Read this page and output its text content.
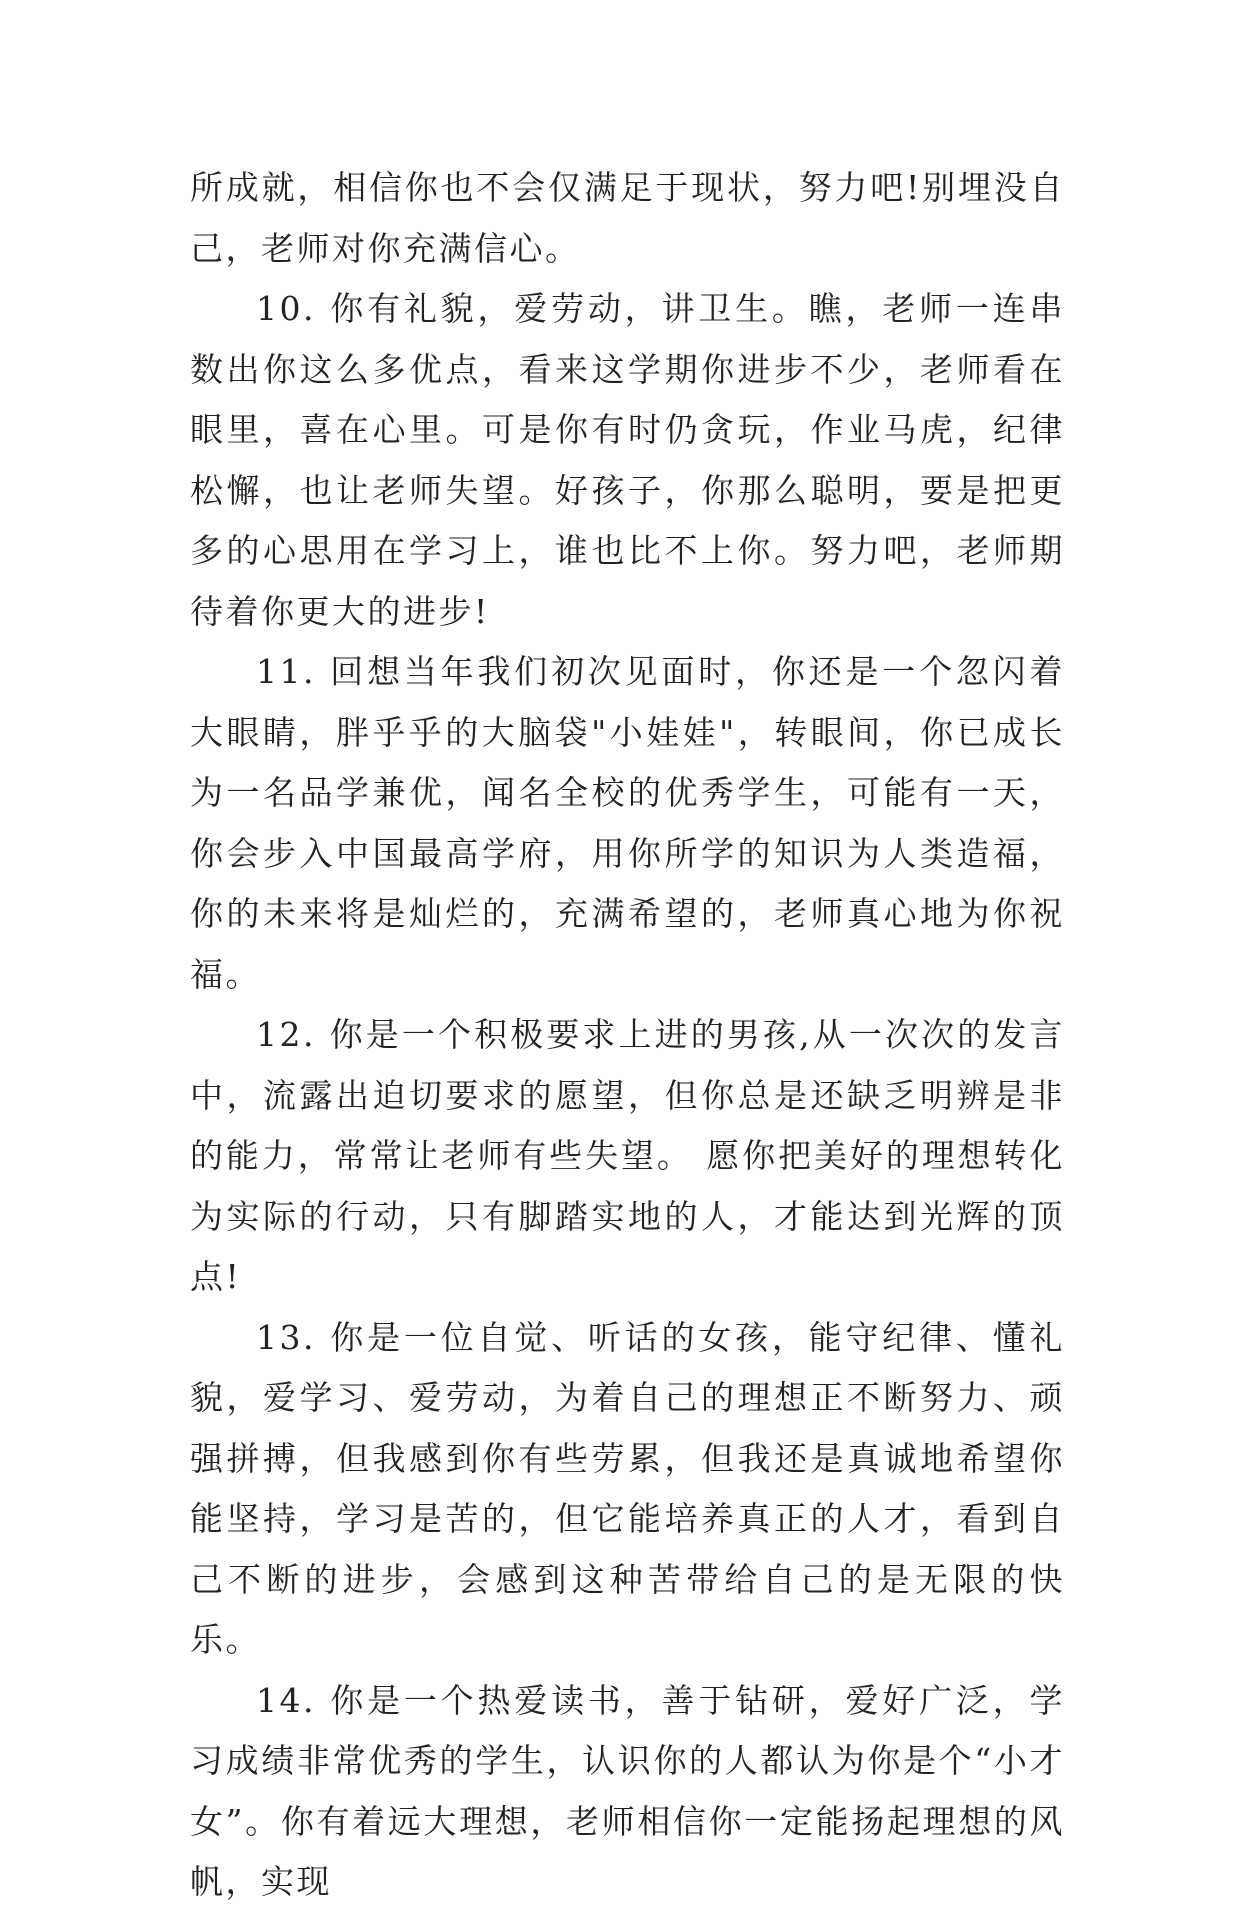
所成就，相信你也不会仅满足于现状，努力吧!别埋没自己，老师对你充满信心。

10. 你有礼貌，爱劳动，讲卫生。瞧，老师一连串数出你这么多优点，看来这学期你进步不少，老师看在眼里，喜在心里。可是你有时仍贪玩，作业马虎，纪律松懈，也让老师失望。好孩子，你那么聪明，要是把更多的心思用在学习上，谁也比不上你。努力吧，老师期待着你更大的进步!

11. 回想当年我们初次见面时，你还是一个忽闪着大眼睛，胖乎乎的大脑袋"小娃娃"，转眼间，你已成长为一名品学兼优，闻名全校的优秀学生，可能有一天，你会步入中国最高学府，用你所学的知识为人类造福，你的未来将是灿烂的，充满希望的，老师真心地为你祝福。

12. 你是一个积极要求上进的男孩,从一次次的发言中，流露出迫切要求的愿望，但你总是还缺乏明辨是非的能力，常常让老师有些失望。 愿你把美好的理想转化为实际的行动，只有脚踏实地的人，才能达到光辉的顶点!

13. 你是一位自觉、听话的女孩，能守纪律、懂礼貌，爱学习、爱劳动，为着自己的理想正不断努力、顽强拼搏，但我感到你有些劳累，但我还是真诚地希望你能坚持，学习是苦的，但它能培养真正的人才，看到自己不断的进步，会感到这种苦带给自己的是无限的快乐。

14. 你是一个热爱读书，善于钻研，爱好广泛，学习成绩非常优秀的学生，认识你的人都认为你是个“小才女”。你有着远大理想，老师相信你一定能扬起理想的风帆，实现
